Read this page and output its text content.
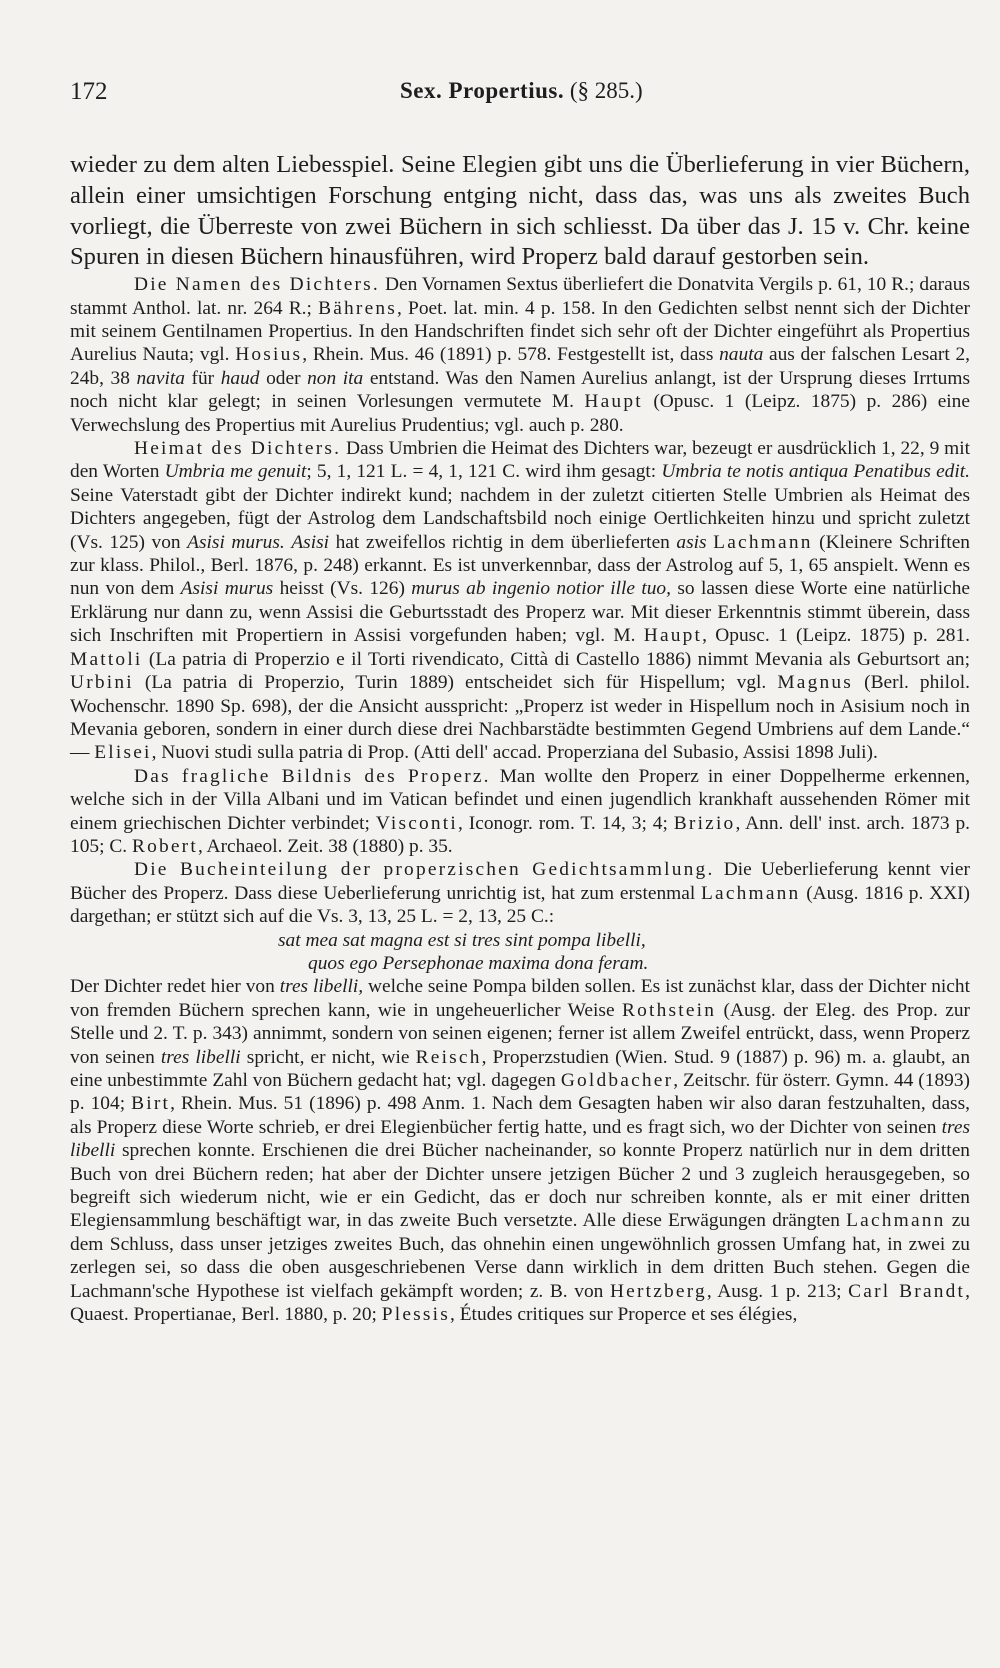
172	Sex. Propertius. (§ 285.)

wieder zu dem alten Liebesspiel. Seine Elegien gibt uns die Überlieferung in vier Büchern, allein einer umsichtigen Forschung entging nicht, dass das, was uns als zweites Buch vorliegt, die Überreste von zwei Büchern in sich schliesst. Da über das J. 15 v. Chr. keine Spuren in diesen Büchern hinausführen, wird Properz bald darauf gestorben sein.

Die Namen des Dichters. Den Vornamen Sextus überliefert die Donatvita Vergils p. 61, 10 R.; daraus stammt Anthol. lat. nr. 264 R.; Bährens, Poet. lat. min. 4 p. 158. In den Gedichten selbst nennt sich der Dichter mit seinem Gentilnamen Propertius. In den Handschriften findet sich sehr oft der Dichter eingeführt als Propertius Aurelius Nauta; vgl. Hosius, Rhein. Mus. 46 (1891) p. 578. Festgestellt ist, dass nauta aus der falschen Lesart 2, 24b, 38 navita für haud oder non ita entstand. Was den Namen Aurelius anlangt, ist der Ursprung dieses Irrtums noch nicht klar gelegt; in seinen Vorlesungen vermutete M. Haupt (Opusc. 1 (Leipz. 1875) p. 286) eine Verwechslung des Propertius mit Aurelius Prudentius; vgl. auch p. 280.

Heimat des Dichters. Dass Umbrien die Heimat des Dichters war, bezeugt er ausdrücklich 1, 22, 9 mit den Worten Umbria me genuit; 5, 1, 121 L. = 4, 1, 121 C. wird ihm gesagt: Umbria te notis antiqua Penatibus edit. Seine Vaterstadt gibt der Dichter indirekt kund; nachdem in der zuletzt citierten Stelle Umbrien als Heimat des Dichters angegeben, fügt der Astrolog dem Landschaftsbild noch einige Oertlichkeiten hinzu und spricht zuletzt (Vs. 125) von Asisi murus. Asisi hat zweifellos richtig in dem überlieferten asis Lachmann (Kleinere Schriften zur klass. Philol., Berl. 1876, p. 248) erkannt. Es ist unverkennbar, dass der Astrolog auf 5, 1, 65 anspielt. Wenn es nun von dem Asisi murus heisst (Vs. 126) murus ab ingenio notior ille tuo, so lassen diese Worte eine natürliche Erklärung nur dann zu, wenn Assisi die Geburtsstadt des Properz war. Mit dieser Erkenntnis stimmt überein, dass sich Inschriften mit Propertiern in Assisi vorgefunden haben; vgl. M. Haupt, Opusc. 1 (Leipz. 1875) p. 281. Mattoli (La patria di Properzio e il Torti rivendicato, Città di Castello 1886) nimmt Mevania als Geburtsort an; Urbini (La patria di Properzio, Turin 1889) entscheidet sich für Hispellum; vgl. Magnus (Berl. philol. Wochenschr. 1890 Sp. 698), der die Ansicht ausspricht: „Properz ist weder in Hispellum noch in Asisium noch in Mevania geboren, sondern in einer durch diese drei Nachbarstädte bestimmten Gegend Umbriens auf dem Lande.“ — Elisei, Nuovi studi sulla patria di Prop. (Atti dell' accad. Properziana del Subasio, Assisi 1898 Juli).

Das fragliche Bildnis des Properz. Man wollte den Properz in einer Doppelherme erkennen, welche sich in der Villa Albani und im Vatican befindet und einen jugendlich krankhaft aussehenden Römer mit einem griechischen Dichter verbindet; Visconti, Iconogr. rom. T. 14, 3; 4; Brizio, Ann. dell' inst. arch. 1873 p. 105; C. Robert, Archaeol. Zeit. 38 (1880) p. 35.

Die Bucheinteilung der properzischen Gedichtsammlung. Die Ueberlieferung kennt vier Bücher des Properz. Dass diese Ueberlieferung unrichtig ist, hat zum erstenmal Lachmann (Ausg. 1816 p. XXI) dargethan; er stützt sich auf die Vs. 3, 13, 25 L. = 2, 13, 25 C.:

sat mea sat magna est si tres sint pompa libelli,
quos ego Persephonae maxima dona feram.

Der Dichter redet hier von tres libelli, welche seine Pompa bilden sollen. Es ist zunächst klar, dass der Dichter nicht von fremden Büchern sprechen kann, wie in ungeheuerlicher Weise Rothstein (Ausg. der Eleg. des Prop. zur Stelle und 2. T. p. 343) annimmt, sondern von seinen eigenen; ferner ist allem Zweifel entrückt, dass, wenn Properz von seinen tres libelli spricht, er nicht, wie Reisch, Properzstudien (Wien. Stud. 9 (1887) p. 96) m. a. glaubt, an eine unbestimmte Zahl von Büchern gedacht hat; vgl. dagegen Goldbacher, Zeitschr. für österr. Gymn. 44 (1893) p. 104; Birt, Rhein. Mus. 51 (1896) p. 498 Anm. 1. Nach dem Gesagten haben wir also daran festzuhalten, dass, als Properz diese Worte schrieb, er drei Elegienbücher fertig hatte, und es fragt sich, wo der Dichter von seinen tres libelli sprechen konnte. Erschienen die drei Bücher nacheinander, so konnte Properz natürlich nur in dem dritten Buch von drei Büchern reden; hat aber der Dichter unsere jetzigen Bücher 2 und 3 zugleich herausgegeben, so begreift sich wiederum nicht, wie er ein Gedicht, das er doch nur schreiben konnte, als er mit einer dritten Elegiensammlung beschäftigt war, in das zweite Buch versetzte. Alle diese Erwägungen drängten Lachmann zu dem Schluss, dass unser jetziges zweites Buch, das ohnehin einen ungewöhnlich grossen Umfang hat, in zwei zu zerlegen sei, so dass die oben ausgeschriebenen Verse dann wirklich in dem dritten Buch stehen. Gegen die Lachmann'sche Hypothese ist vielfach gekämpft worden; z. B. von Hertzberg, Ausg. 1 p. 213; Carl Brandt, Quaest. Propertianae, Berl. 1880, p. 20; Plessis, Études critiques sur Properce et ses élégies,
